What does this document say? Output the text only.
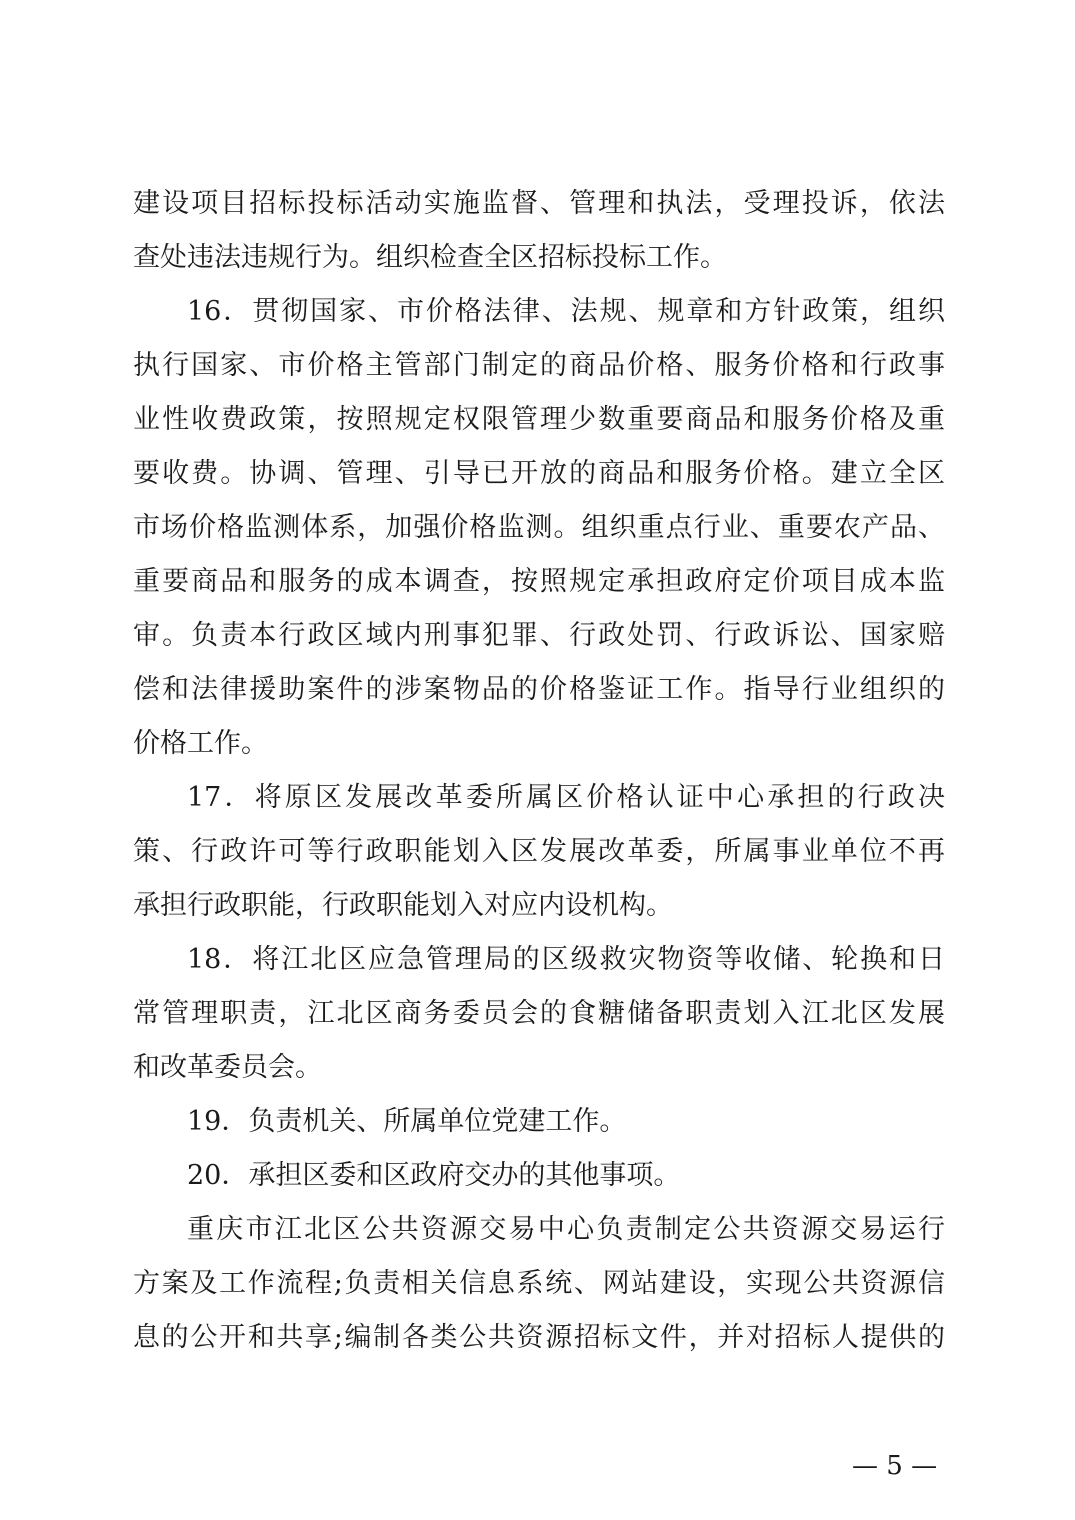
建设项目招标投标活动实施监督、管理和执法，受理投诉，依法
查处违法违规行为。组织检查全区招标投标工作。
16．贯彻国家、市价格法律、法规、规章和方针政策，组织
执行国家、市价格主管部门制定的商品价格、服务价格和行政事
业性收费政策，按照规定权限管理少数重要商品和服务价格及重
要收费。协调、管理、引导已开放的商品和服务价格。建立全区
市场价格监测体系，加强价格监测。组织重点行业、重要农产品、
重要商品和服务的成本调查，按照规定承担政府定价项目成本监
审。负责本行政区域内刑事犯罪、行政处罚、行政诉讼、国家赔
偿和法律援助案件的涉案物品的价格鉴证工作。指导行业组织的
价格工作。
17．将原区发展改革委所属区价格认证中心承担的行政决
策、行政许可等行政职能划入区发展改革委，所属事业单位不再
承担行政职能，行政职能划入对应内设机构。
18．将江北区应急管理局的区级救灾物资等收储、轮换和日
常管理职责，江北区商务委员会的食糖储备职责划入江北区发展
和改革委员会。
19．负责机关、所属单位党建工作。
20．承担区委和区政府交办的其他事项。
重庆市江北区公共资源交易中心负责制定公共资源交易运行
方案及工作流程;负责相关信息系统、网站建设，实现公共资源信
息的公开和共享;编制各类公共资源招标文件，并对招标人提供的
— 5 —
